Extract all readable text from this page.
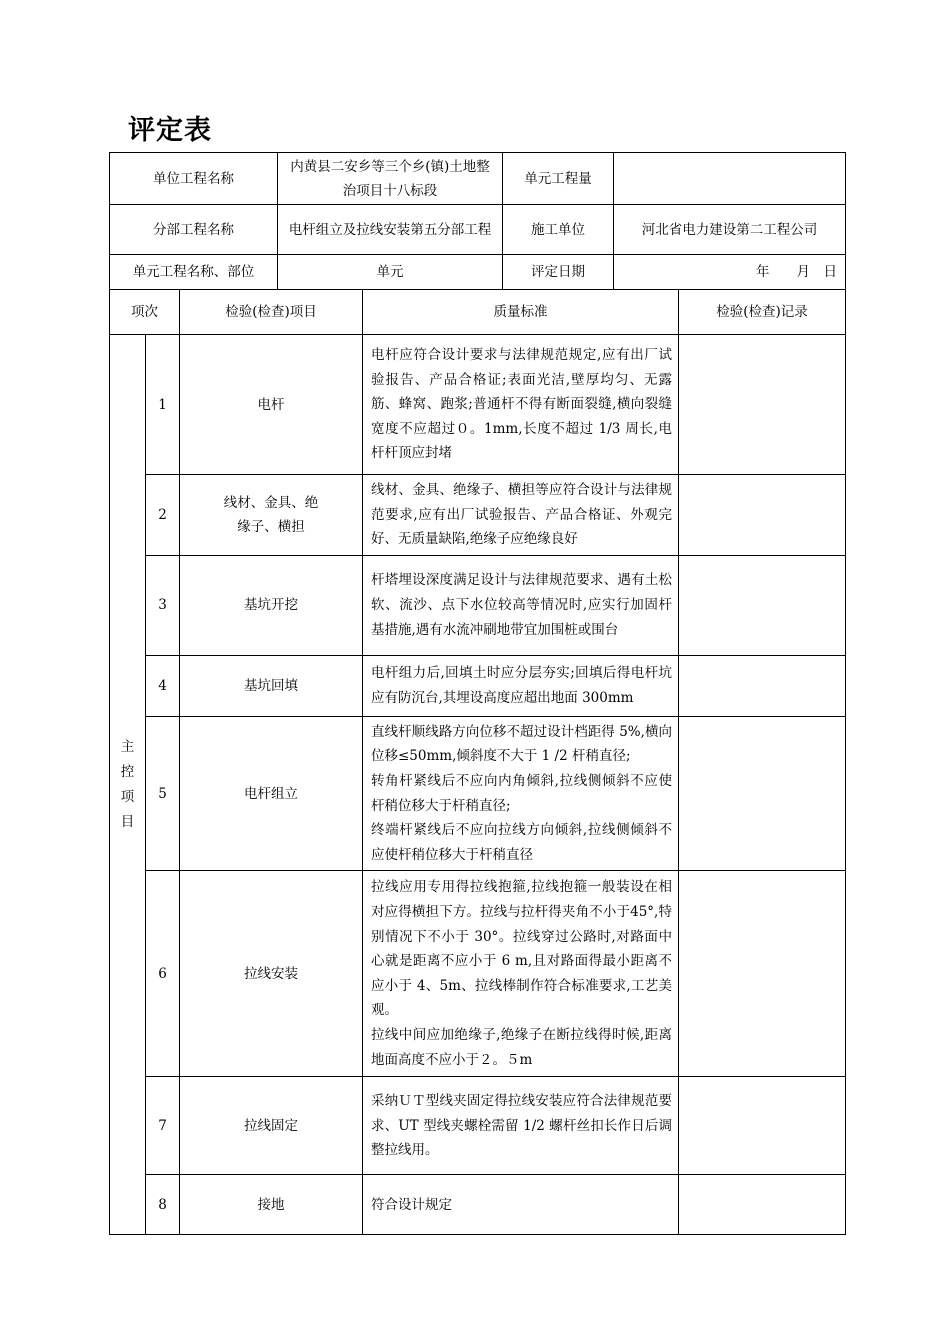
评定表
单位工程名称	内黄县二安乡等三个乡(镇)土地整治项目十八标段	单元工程量	
分部工程名称	电杆组立及拉线安装第五分部工程	施工单位	河北省电力建设第二工程公司
单元工程名称、部位	单元	评定日期	年　　月　日
项次		检验(检查)项目	质量标准	检验(检查)记录

主
控
项
目	1	电杆	电杆应符合设计要求与法律规范规定,应有出厂试验报告、产品合格证;表面光洁,壁厚均匀、无露筋、蜂窝、跑浆;普通杆不得有断面裂缝,横向裂缝宽度不应超过０。1mm,长度不超过 1/3 周长,电杆杆顶应封堵	

	2	线材、金具、绝缘子、横担	线材、金具、绝缘子、横担等应符合设计与法律规范要求,应有出厂试验报告、产品合格证、外观完好、无质量缺陷,绝缘子应绝缘良好	

	3	基坑开挖	杆塔埋设深度满足设计与法律规范要求、遇有土松软、流沙、点下水位较高等情况时,应实行加固杆基措施,遇有水流冲刷地带宜加围桩或围台	

	4	基坑回填	电杆组力后,回填土时应分层夯实;回填后得电杆坑应有防沉台,其埋设高度应超出地面 300mm	

	5	电杆组立	直线杆顺线路方向位移不超过设计档距得 5%,横向位移≤50mm,倾斜度不大于 1 /2 杆稍直径;
转角杆紧线后不应向内角倾斜,拉线侧倾斜不应使杆稍位移大于杆稍直径;
终端杆紧线后不应向拉线方向倾斜,拉线侧倾斜不应使杆稍位移大于杆稍直径	

	6	拉线安装	拉线应用专用得拉线抱箍,拉线抱箍一般装设在相对应得横担下方。拉线与拉杆得夹角不小于45°,特别情况下不小于 30°。拉线穿过公路时,对路面中心就是距离不应小于 6 m,且对路面得最小距离不应小于 4、5m、拉线棒制作符合标准要求,工艺美观。
拉线中间应加绝缘子,绝缘子在断拉线得时候,距离地面高度不应小于２。５m	

	7	拉线固定	采纳ＵＴ型线夹固定得拉线安装应符合法律规范要求、UT 型线夹螺栓需留 1/2 螺杆丝扣长作日后调整拉线用。	

	8	接地	符合设计规定	
